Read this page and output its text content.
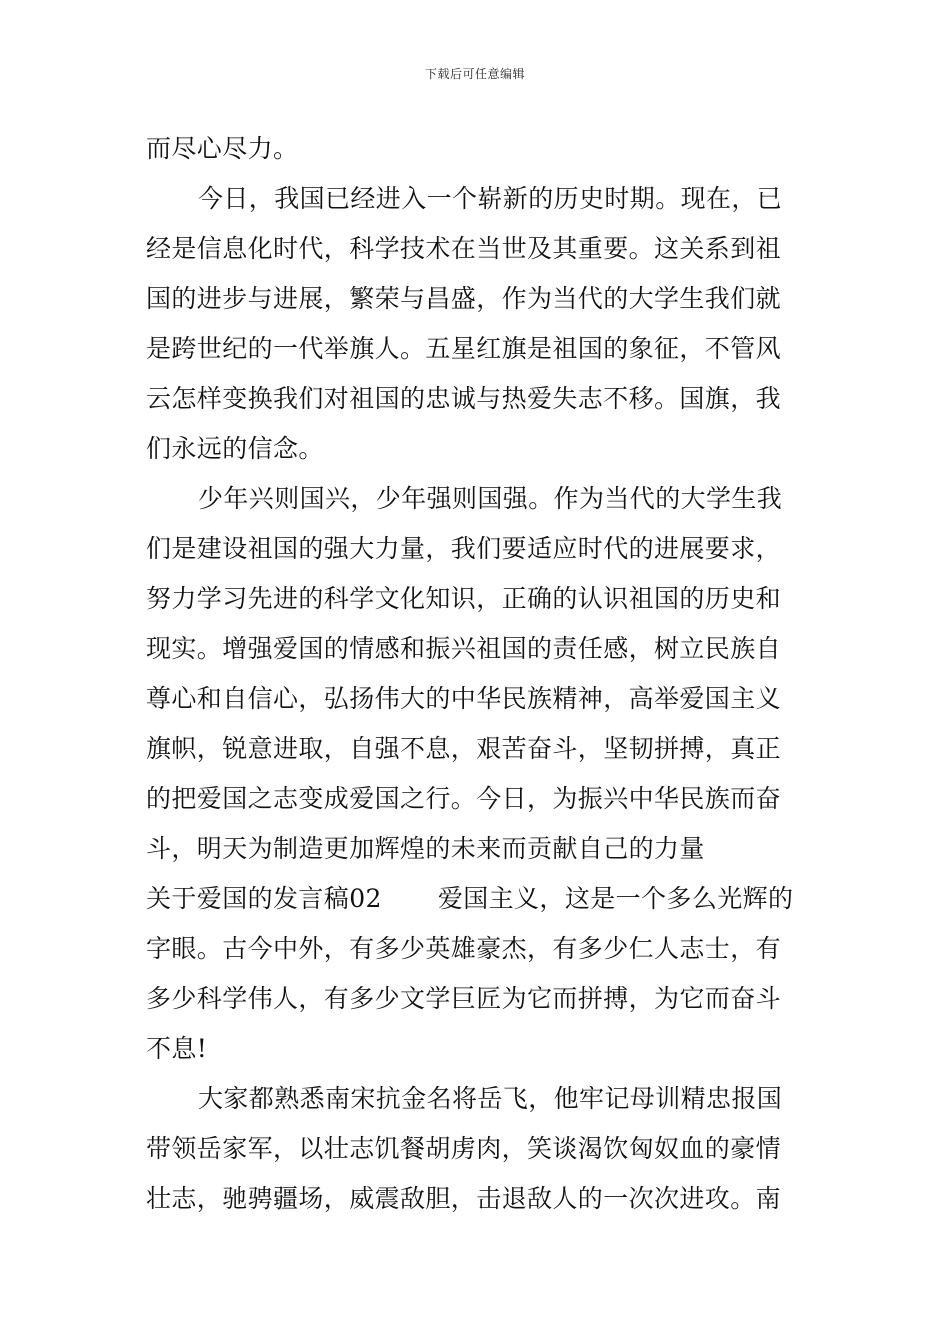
下载后可任意编辑
而尽心尽力。
今日，我国已经进入一个崭新的历史时期。现在，已
经是信息化时代，科学技术在当世及其重要。这关系到祖
国的进步与进展，繁荣与昌盛，作为当代的大学生我们就
是跨世纪的一代举旗人。五星红旗是祖国的象征，不管风
云怎样变换我们对祖国的忠诚与热爱失志不移。国旗，我
们永远的信念。
少年兴则国兴，少年强则国强。作为当代的大学生我
们是建设祖国的强大力量，我们要适应时代的进展要求，
努力学习先进的科学文化知识，正确的认识祖国的历史和
现实。增强爱国的情感和振兴祖国的责任感，树立民族自
尊心和自信心，弘扬伟大的中华民族精神，高举爱国主义
旗帜，锐意进取，自强不息，艰苦奋斗，坚韧拼搏，真正
的把爱国之志变成爱国之行。今日，为振兴中华民族而奋
斗，明天为制造更加辉煌的未来而贡献自己的力量
关于爱国的发言稿02 爱国主义，这是一个多么光辉的
字眼。古今中外，有多少英雄豪杰，有多少仁人志士，有
多少科学伟人，有多少文学巨匠为它而拼搏，为它而奋斗
不息!
大家都熟悉南宋抗金名将岳飞，他牢记母训精忠报国
带领岳家军，以壮志饥餐胡虏肉，笑谈渴饮匈奴血的豪情
壮志，驰骋疆场，威震敌胆，击退敌人的一次次进攻。南
